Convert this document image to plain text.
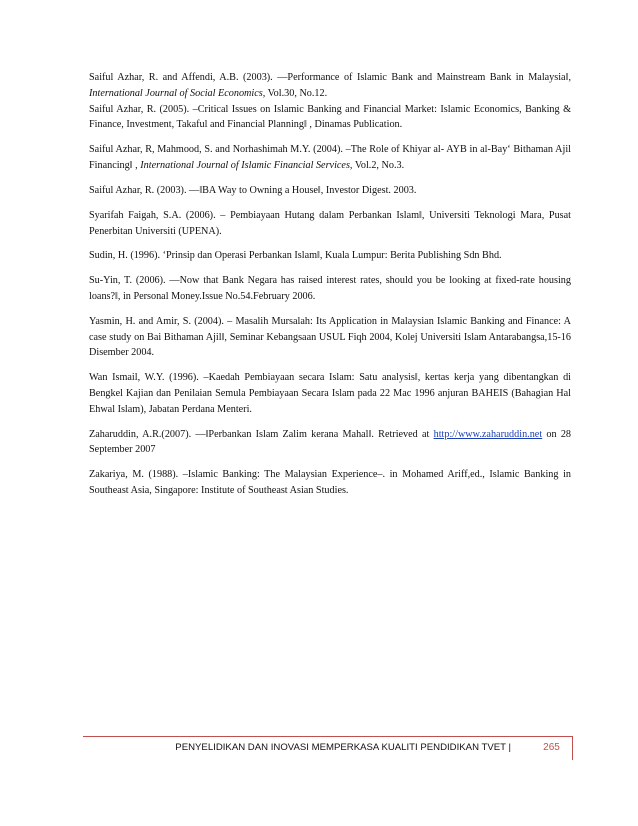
Saiful Azhar, R. and Affendi, A.B. (2003). ―Performance of Islamic Bank and Mainstream Bank in Malaysia‖, International Journal of Social Economics, Vol.30, No.12.

Saiful Azhar, R. (2005). –Critical Issues on Islamic Banking and Financial Market: Islamic Economics, Banking & Finance, Investment, Takaful and Financial Planning‖ , Dinamas Publication.

Saiful Azhar, R, Mahmood, S. and Norhashimah M.Y. (2004). –The Role of Khiyar al- AYB in al-Bay‘ Bithaman Ajil Financing‖ , International Journal of Islamic Financial Services, Vol.2, No.3.

Saiful Azhar, R. (2003). ―‖BA Way to Owning a House‖, Investor Digest. 2003.

Syarifah Faigah, S.A. (2006). – Pembiayaan Hutang dalam Perbankan Islam‖, Universiti Teknologi Mara, Pusat Penerbitan Universiti (UPENA).

Sudin, H. (1996). ‘Prinsip dan Operasi Perbankan Islam‖, Kuala Lumpur: Berita Publishing Sdn Bhd.

Su-Yin, T. (2006). ―Now that Bank Negara has raised interest rates, should you be looking at fixed-rate housing loans?‖, in Personal Money.Issue No.54.February 2006.

Yasmin, H. and Amir, S. (2004). – Masalih Mursalah: Its Application in Malaysian Islamic Banking and Finance: A case study on Bai Bithaman Ajil‖, Seminar Kebangsaan USUL Fiqh 2004, Kolej Universiti Islam Antarabangsa,15-16 Disember 2004.

Wan Ismail, W.Y. (1996). –Kaedah Pembiayaan secara Islam: Satu analysis‖, kertas kerja yang dibentangkan di Bengkel Kajian dan Penilaian Semula Pembiayaan Secara Islam pada 22 Mac 1996 anjuran BAHEIS (Bahagian Hal Ehwal Islam), Jabatan Perdana Menteri.

Zaharuddin, A.R.(2007). ―‖Perbankan Islam Zalim kerana Mahal‖. Retrieved at http://www.zaharuddin.net on 28 September 2007

Zakariya, M. (1988). –Islamic Banking: The Malaysian Experience–. in Mohamed Ariff,ed., Islamic Banking in Southeast Asia, Singapore: Institute of Southeast Asian Studies.

PENYELIDIKAN DAN INOVASI MEMPERKASA KUALITI PENDIDIKAN TVET |	265
